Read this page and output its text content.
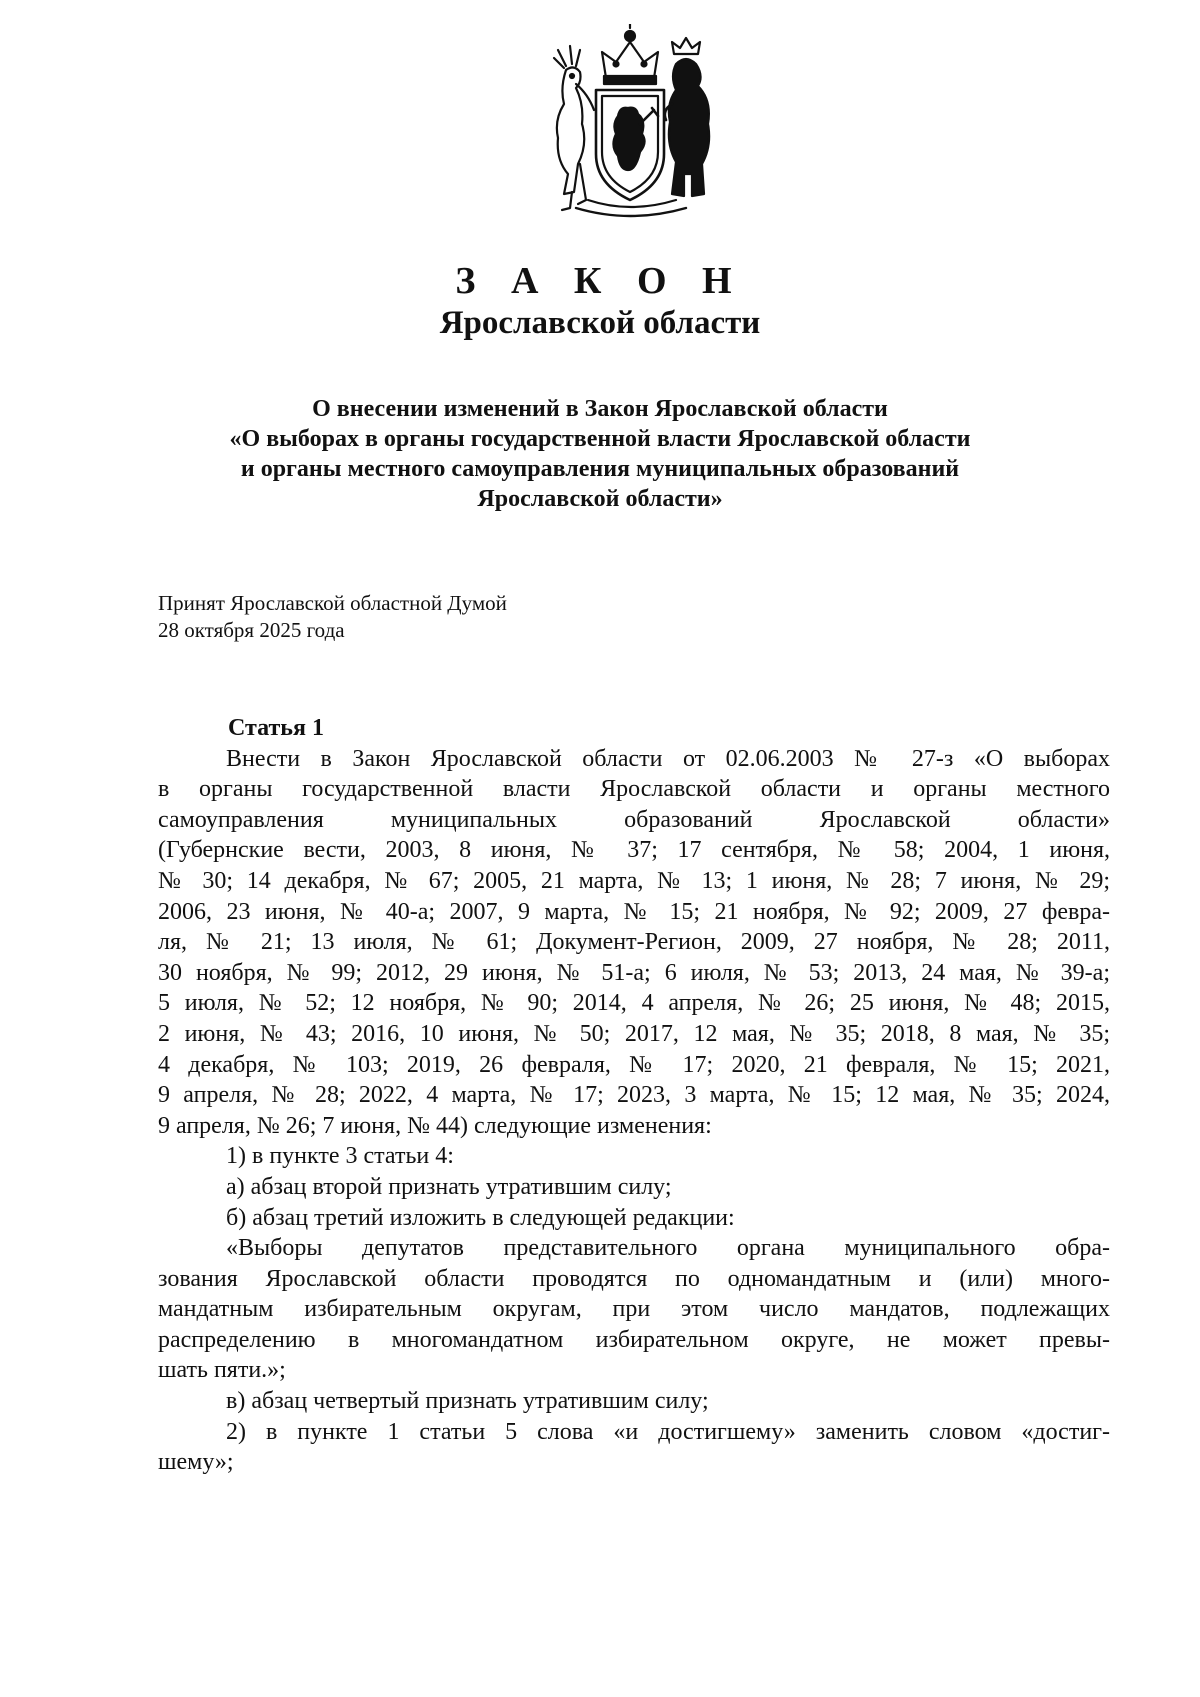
З А К О Н
Ярославской области
О внесении изменений в Закон Ярославской области
«О выборах в органы государственной власти Ярославской области
и органы местного самоуправления муниципальных образований
Ярославской области»
Принят Ярославской областной Думой
28 октября 2025 года
Статья 1
Внести в Закон Ярославской области от 02.06.2003 № 27-з «О выборах
в органы государственной власти Ярославской области и органы местного
самоуправления муниципальных образований Ярославской области»
(Губернские вести, 2003, 8 июня, № 37; 17 сентября, № 58; 2004, 1 июня,
№ 30; 14 декабря, № 67; 2005, 21 марта, № 13; 1 июня, № 28; 7 июня, № 29;
2006, 23 июня, № 40-а; 2007, 9 марта, № 15; 21 ноября, № 92; 2009, 27 февра-
ля, № 21; 13 июля, № 61; Документ-Регион, 2009, 27 ноября, № 28; 2011,
30 ноября, № 99; 2012, 29 июня, № 51-а; 6 июля, № 53; 2013, 24 мая, № 39-а;
5 июля, № 52; 12 ноября, № 90; 2014, 4 апреля, № 26; 25 июня, № 48; 2015,
2 июня, № 43; 2016, 10 июня, № 50; 2017, 12 мая, № 35; 2018, 8 мая, № 35;
4 декабря, № 103; 2019, 26 февраля, № 17; 2020, 21 февраля, № 15; 2021,
9 апреля, № 28; 2022, 4 марта, № 17; 2023, 3 марта, № 15; 12 мая, № 35; 2024,
9 апреля, № 26; 7 июня, № 44) следующие изменения:
1) в пункте 3 статьи 4:
а) абзац второй признать утратившим силу;
б) абзац третий изложить в следующей редакции:
«Выборы депутатов представительного органа муниципального обра-
зования Ярославской области проводятся по одномандатным и (или) много-
мандатным избирательным округам, при этом число мандатов, подлежащих
распределению в многомандатном избирательном округе, не может превы-
шать пяти.»;
в) абзац четвертый признать утратившим силу;
2) в пункте 1 статьи 5 слова «и достигшему» заменить словом «достиг-
шему»;
